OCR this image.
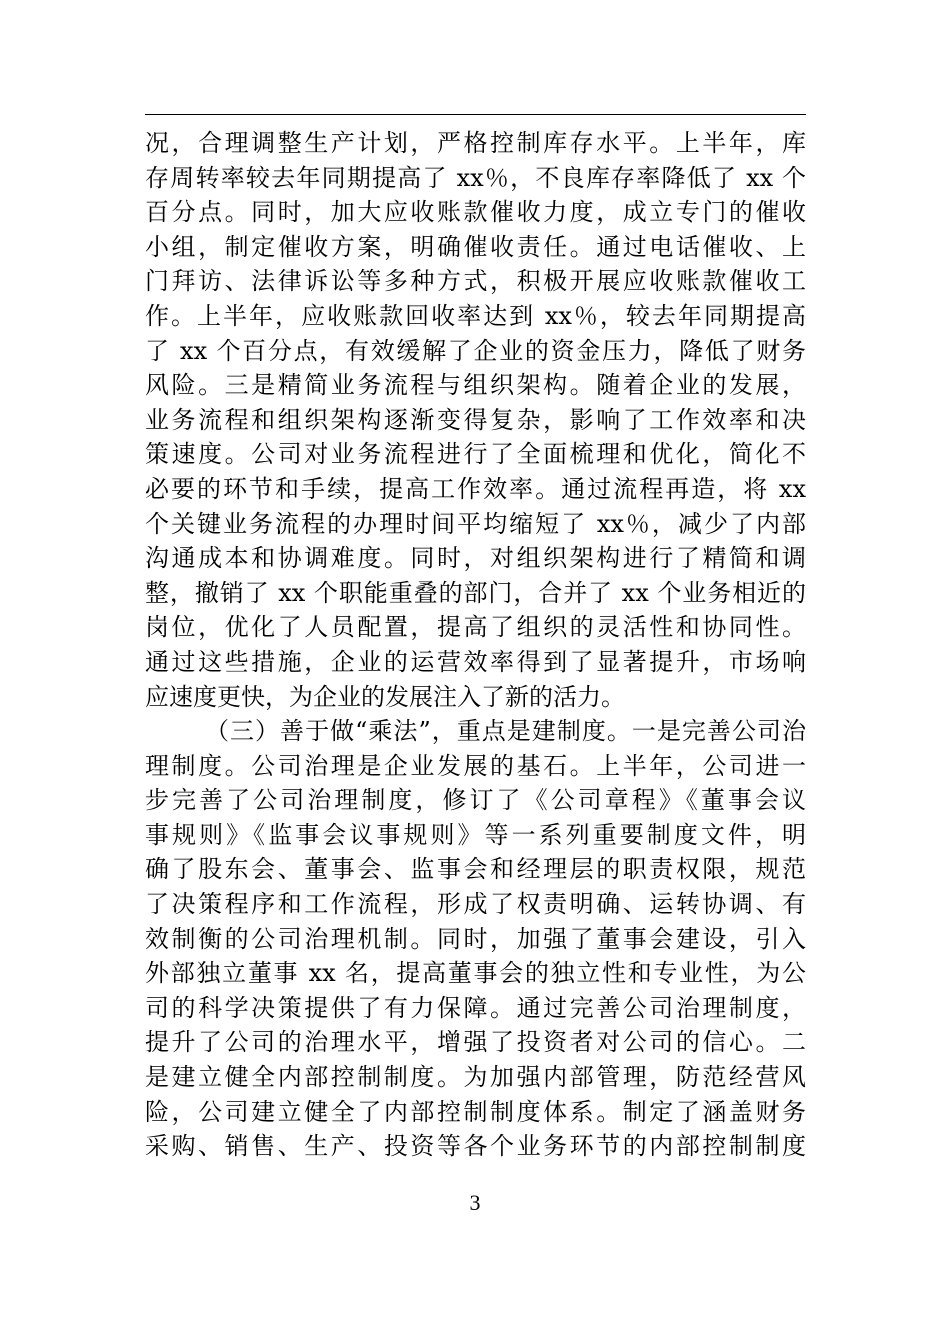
况，合理调整生产计划，严格控制库存水平。上半年，库
存周转率较去年同期提高了 xx％，不良库存率降低了 xx 个
百分点。同时，加大应收账款催收力度，成立专门的催收
小组，制定催收方案，明确催收责任。通过电话催收、上
门拜访、法律诉讼等多种方式，积极开展应收账款催收工
作。上半年，应收账款回收率达到 xx％，较去年同期提高
了 xx 个百分点，有效缓解了企业的资金压力，降低了财务
风险。三是精简业务流程与组织架构。随着企业的发展，
业务流程和组织架构逐渐变得复杂，影响了工作效率和决
策速度。公司对业务流程进行了全面梳理和优化，简化不
必要的环节和手续，提高工作效率。通过流程再造，将 xx
个关键业务流程的办理时间平均缩短了 xx％，减少了内部
沟通成本和协调难度。同时，对组织架构进行了精简和调
整，撤销了 xx 个职能重叠的部门，合并了 xx 个业务相近的
岗位，优化了人员配置，提高了组织的灵活性和协同性。
通过这些措施，企业的运营效率得到了显著提升，市场响
应速度更快，为企业的发展注入了新的活力。
（三）善于做“乘法”，重点是建制度。一是完善公司治
理制度。公司治理是企业发展的基石。上半年，公司进一
步完善了公司治理制度，修订了《公司章程》《董事会议
事规则》《监事会议事规则》等一系列重要制度文件，明
确了股东会、董事会、监事会和经理层的职责权限，规范
了决策程序和工作流程，形成了权责明确、运转协调、有
效制衡的公司治理机制。同时，加强了董事会建设，引入
外部独立董事 xx 名，提高董事会的独立性和专业性，为公
司的科学决策提供了有力保障。通过完善公司治理制度，
提升了公司的治理水平，增强了投资者对公司的信心。二
是建立健全内部控制制度。为加强内部管理，防范经营风
险，公司建立健全了内部控制制度体系。制定了涵盖财务
采购、销售、生产、投资等各个业务环节的内部控制制度
3
